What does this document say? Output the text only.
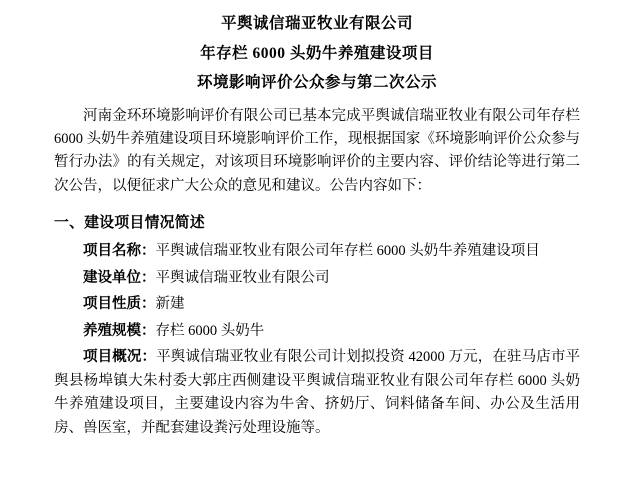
平舆诚信瑞亚牧业有限公司
年存栏 6000 头奶牛养殖建设项目
环境影响评价公众参与第二次公示

河南金环环境影响评价有限公司已基本完成平舆诚信瑞亚牧业有限公司年存栏 6000 头奶牛养殖建设项目环境影响评价工作，现根据国家《环境影响评价公众参与暂行办法》的有关规定，对该项目环境影响评价的主要内容、评价结论等进行第二次公告，以便征求广大公众的意见和建议。公告内容如下：

一、建设项目情况简述
项目名称：平舆诚信瑞亚牧业有限公司年存栏 6000 头奶牛养殖建设项目
建设单位：平舆诚信瑞亚牧业有限公司
项目性质：新建
养殖规模：存栏 6000 头奶牛
项目概况：平舆诚信瑞亚牧业有限公司计划拟投资 42000 万元，在驻马店市平舆县杨埠镇大朱村委大郭庄西侧建设平舆诚信瑞亚牧业有限公司年存栏 6000 头奶牛养殖建设项目，主要建设内容为牛舍、挤奶厅、饲料储备车间、办公及生活用房、兽医室，并配套建设粪污处理设施等。
